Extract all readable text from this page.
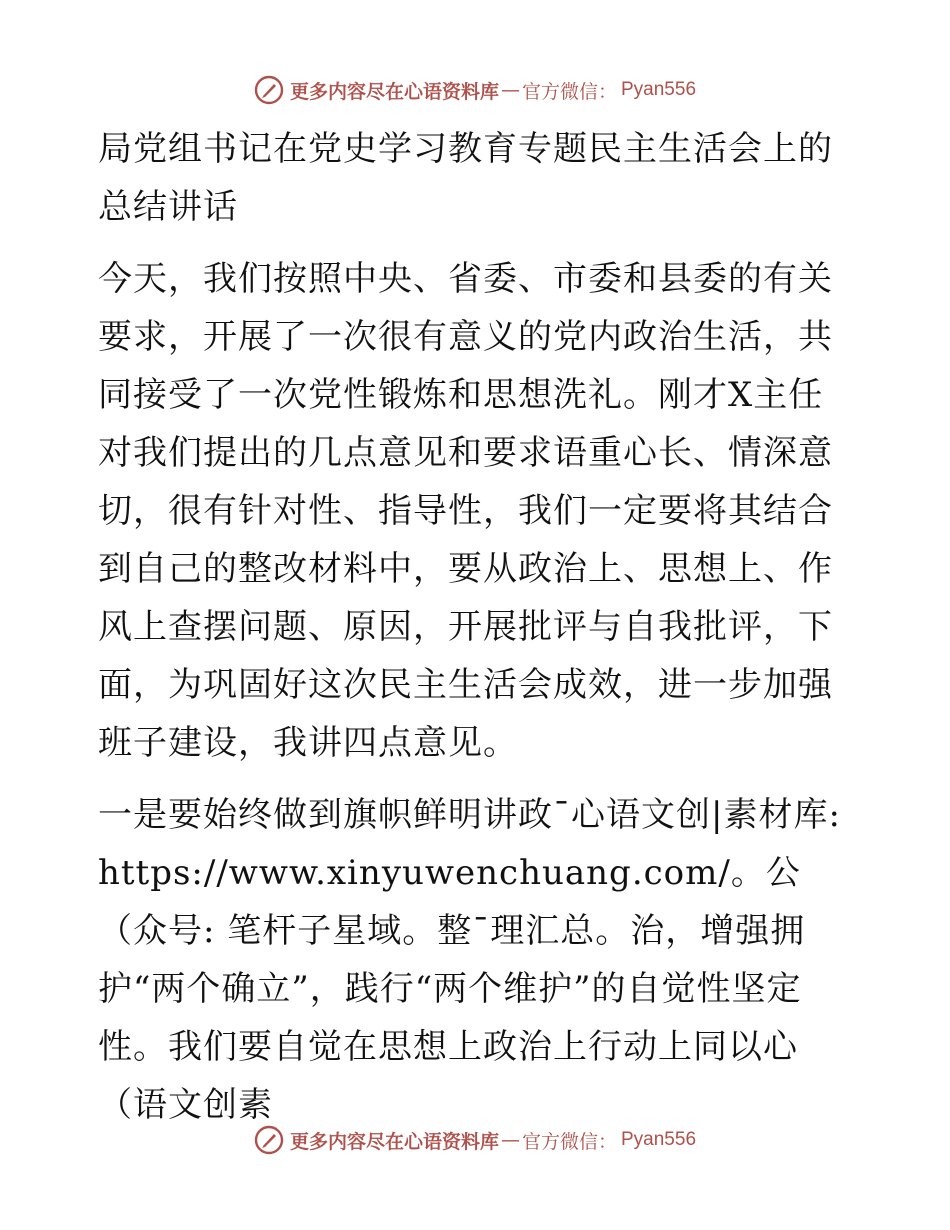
更多内容尽在心语资料库 — 官方微信： Pyan556

局党组书记在党史学习教育专题民主生活会上的总结讲话

今天，我们按照中央、省委、市委和县委的有关要求，开展了一次很有意义的党内政治生活，共同接受了一次党性锻炼和思想洗礼。刚才X主任对我们提出的几点意见和要求语重心长、情深意切，很有针对性、指导性，我们一定要将其结合到自己的整改材料中，要从政治上、思想上、作风上查摆问题、原因，开展批评与自我批评，下面，为巩固好这次民主生活会成效，进一步加强班子建设，我讲四点意见。

一是要始终做到旗帜鲜明讲政¯心语文创|素材库: https://www.xinyuwenchuang.com/。公（众号: 笔杆子星域。整¯理汇总。治，增强拥护“两个确立”，践行“两个维护”的自觉性坚定性。我们要自觉在思想上政治上行动上同以心（语文创素

更多内容尽在心语资料库 — 官方微信： Pyan556
